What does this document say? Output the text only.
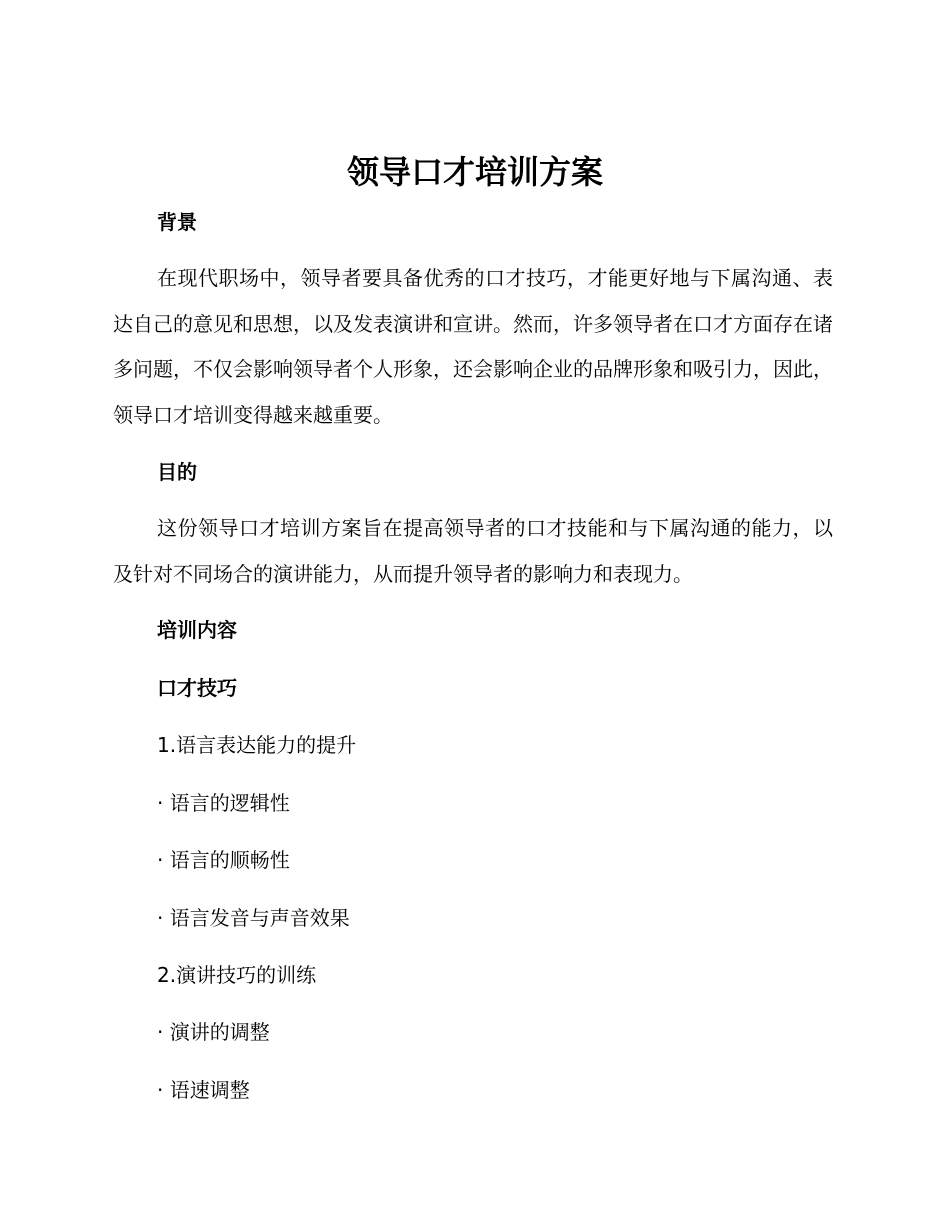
领导口才培训方案
背景

在现代职场中，领导者要具备优秀的口才技巧，才能更好地与下属沟通、表达自己的意见和思想，以及发表演讲和宣讲。然而，许多领导者在口才方面存在诸多问题，不仅会影响领导者个人形象，还会影响企业的品牌形象和吸引力，因此，领导口才培训变得越来越重要。

目的

这份领导口才培训方案旨在提高领导者的口才技能和与下属沟通的能力，以及针对不同场合的演讲能力，从而提升领导者的影响力和表现力。

培训内容
口才技巧

1.语言表达能力的提升

· 语言的逻辑性

· 语言的顺畅性

· 语言发音与声音效果

2.演讲技巧的训练

· 演讲的调整

· 语速调整
